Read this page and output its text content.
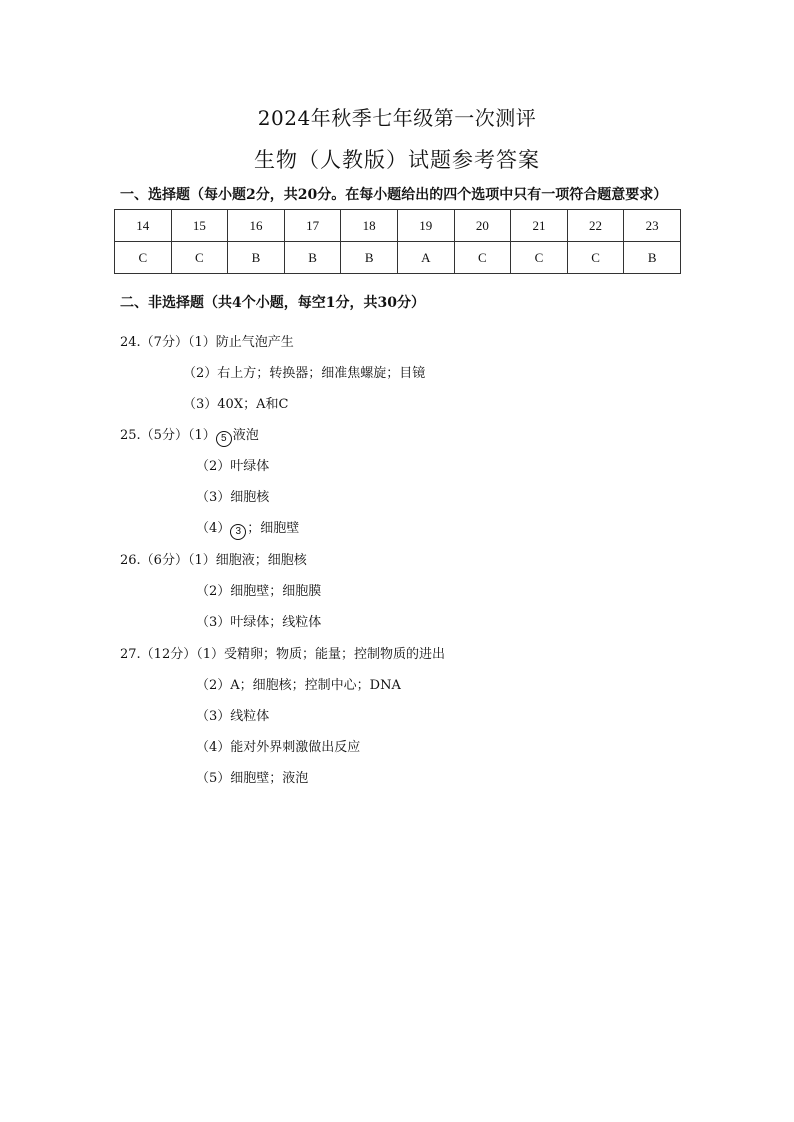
2024年秋季七年级第一次测评
生物（人教版）试题参考答案
一、选择题（每小题2分，共20分。在每小题给出的四个选项中只有一项符合题意要求）
14	15	16	17	18	19	20	21	22	23
C	C	B	B	B	A	C	C	C	B
二、非选择题（共4个小题，每空1分，共30分）
24.（7分）（1）防止气泡产生
（2）右上方；转换器；细准焦螺旋；目镜
（3）40X；A和C
25.（5分）（1） 5 液泡
（2）叶绿体
（3）细胞核
（4） 3 ；细胞壁
26.（6分）（1）细胞液；细胞核
（2）细胞壁；细胞膜
（3）叶绿体；线粒体
27.（12分）（1）受精卵；物质；能量；控制物质的进出
（2）A；细胞核；控制中心；DNA
（3）线粒体
（4）能对外界刺激做出反应
（5）细胞壁；液泡
